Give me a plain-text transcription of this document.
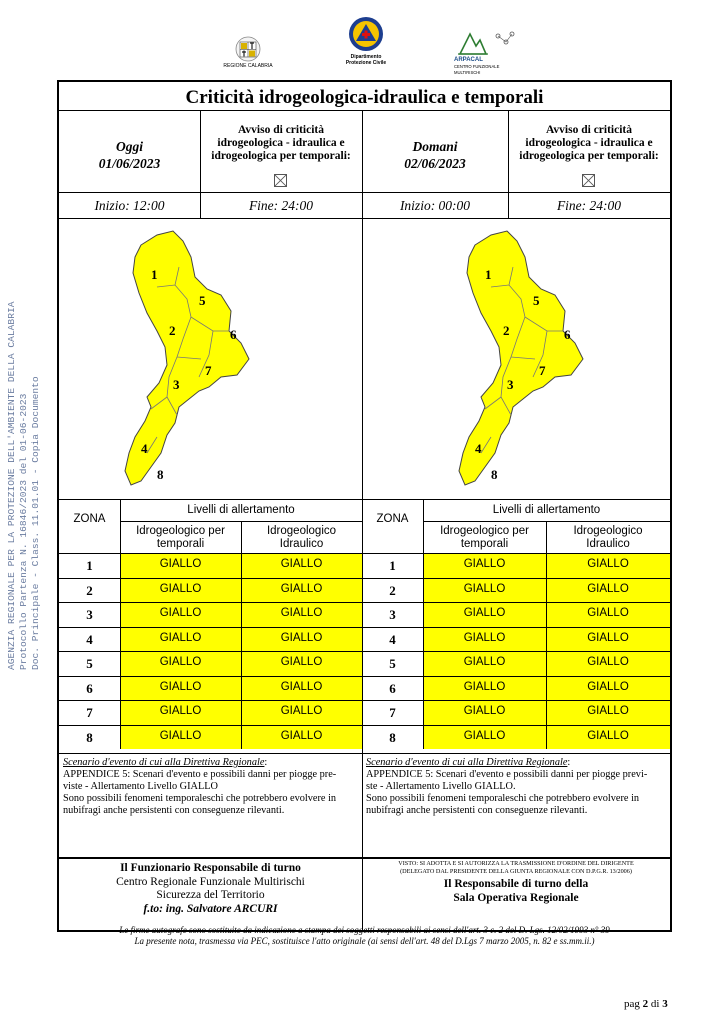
REGIONE CALABRIA
Dipartimento
Protezione Civile	ARPACAL
CENTRO FUNZIONALE MULTIRISCHI
AGENZIA REGIONALE PER LA PROTEZIONE DELL'AMBIENTE DELLA CALABRIA Protocollo Partenza N. 16846/2023 del 01-06-2023 Doc. Principale - Class. 11.01.01 - Copia Documento
Criticità idrogeologica-idraulica e temporali
Oggi
01/06/2023
Avviso di criticità
idrogeologica - idraulica e
idrogeologica per temporali:
Domani
02/06/2023
Avviso di criticità
idrogeologica - idraulica e
idrogeologica per temporali:
Inizio: 12:00	Fine: 24:00	Inizio: 00:00	Fine: 24:00
1
5
2	6
7
3
4
8
1
5
2	6
7
3
4
8
ZONA
Livelli di allertamento
Idrogeologico per
temporali
Idrogeologico
Idraulico
1	GIALLO	GIALLO
2	GIALLO	GIALLO
3	GIALLO	GIALLO
4	GIALLO	GIALLO
5	GIALLO	GIALLO
6	GIALLO	GIALLO
7	GIALLO	GIALLO
8	GIALLO	GIALLO
ZONA
Livelli di allertamento
Idrogeologico per
temporali
Idrogeologico
Idraulico
1	GIALLO	GIALLO
2	GIALLO	GIALLO
3	GIALLO	GIALLO
4	GIALLO	GIALLO
5	GIALLO	GIALLO
6	GIALLO	GIALLO
7	GIALLO	GIALLO
8	GIALLO	GIALLO
Scenario d'evento di cui alla Direttiva Regionale:
APPENDICE 5: Scenari d'evento e possibili danni per piogge pre-
viste - Allertamento Livello GIALLO
Sono possibili fenomeni temporaleschi che potrebbero evolvere in
nubifragi anche persistenti con conseguenze rilevanti.
Scenario d'evento di cui alla Direttiva Regionale:
APPENDICE 5: Scenari d'evento e possibili danni per piogge previ-
ste - Allertamento Livello GIALLO.
Sono possibili fenomeni temporaleschi che potrebbero evolvere in
nubifragi anche persistenti con conseguenze rilevanti.
Il Funzionario Responsabile di turno
Centro Regionale Funzionale Multirischi
Sicurezza del Territorio
f.to: ing. Salvatore ARCURI
VISTO: SI ADOTTA E SI AUTORIZZA LA TRASMISSIONE D'ORDINE DEL DIRIGENTE
(DELEGATO DAL PRESIDENTE DELLA GIUNTA REGIONALE CON D.P.G.R. 13/2006)
Il Responsabile di turno della
Sala Operativa Regionale
Le firme autografe sono sostituite da indicazione a stampa dei soggetti responsabili ai sensi dell'art. 3 c. 2 del D. Lgs. 12/02/1993 n° 39
La presente nota, trasmessa via PEC, sostituisce l'atto originale (ai sensi dell'art. 48 del D.Lgs 7 marzo 2005, n. 82 e ss.mm.ii.)
pag 2 di 3
